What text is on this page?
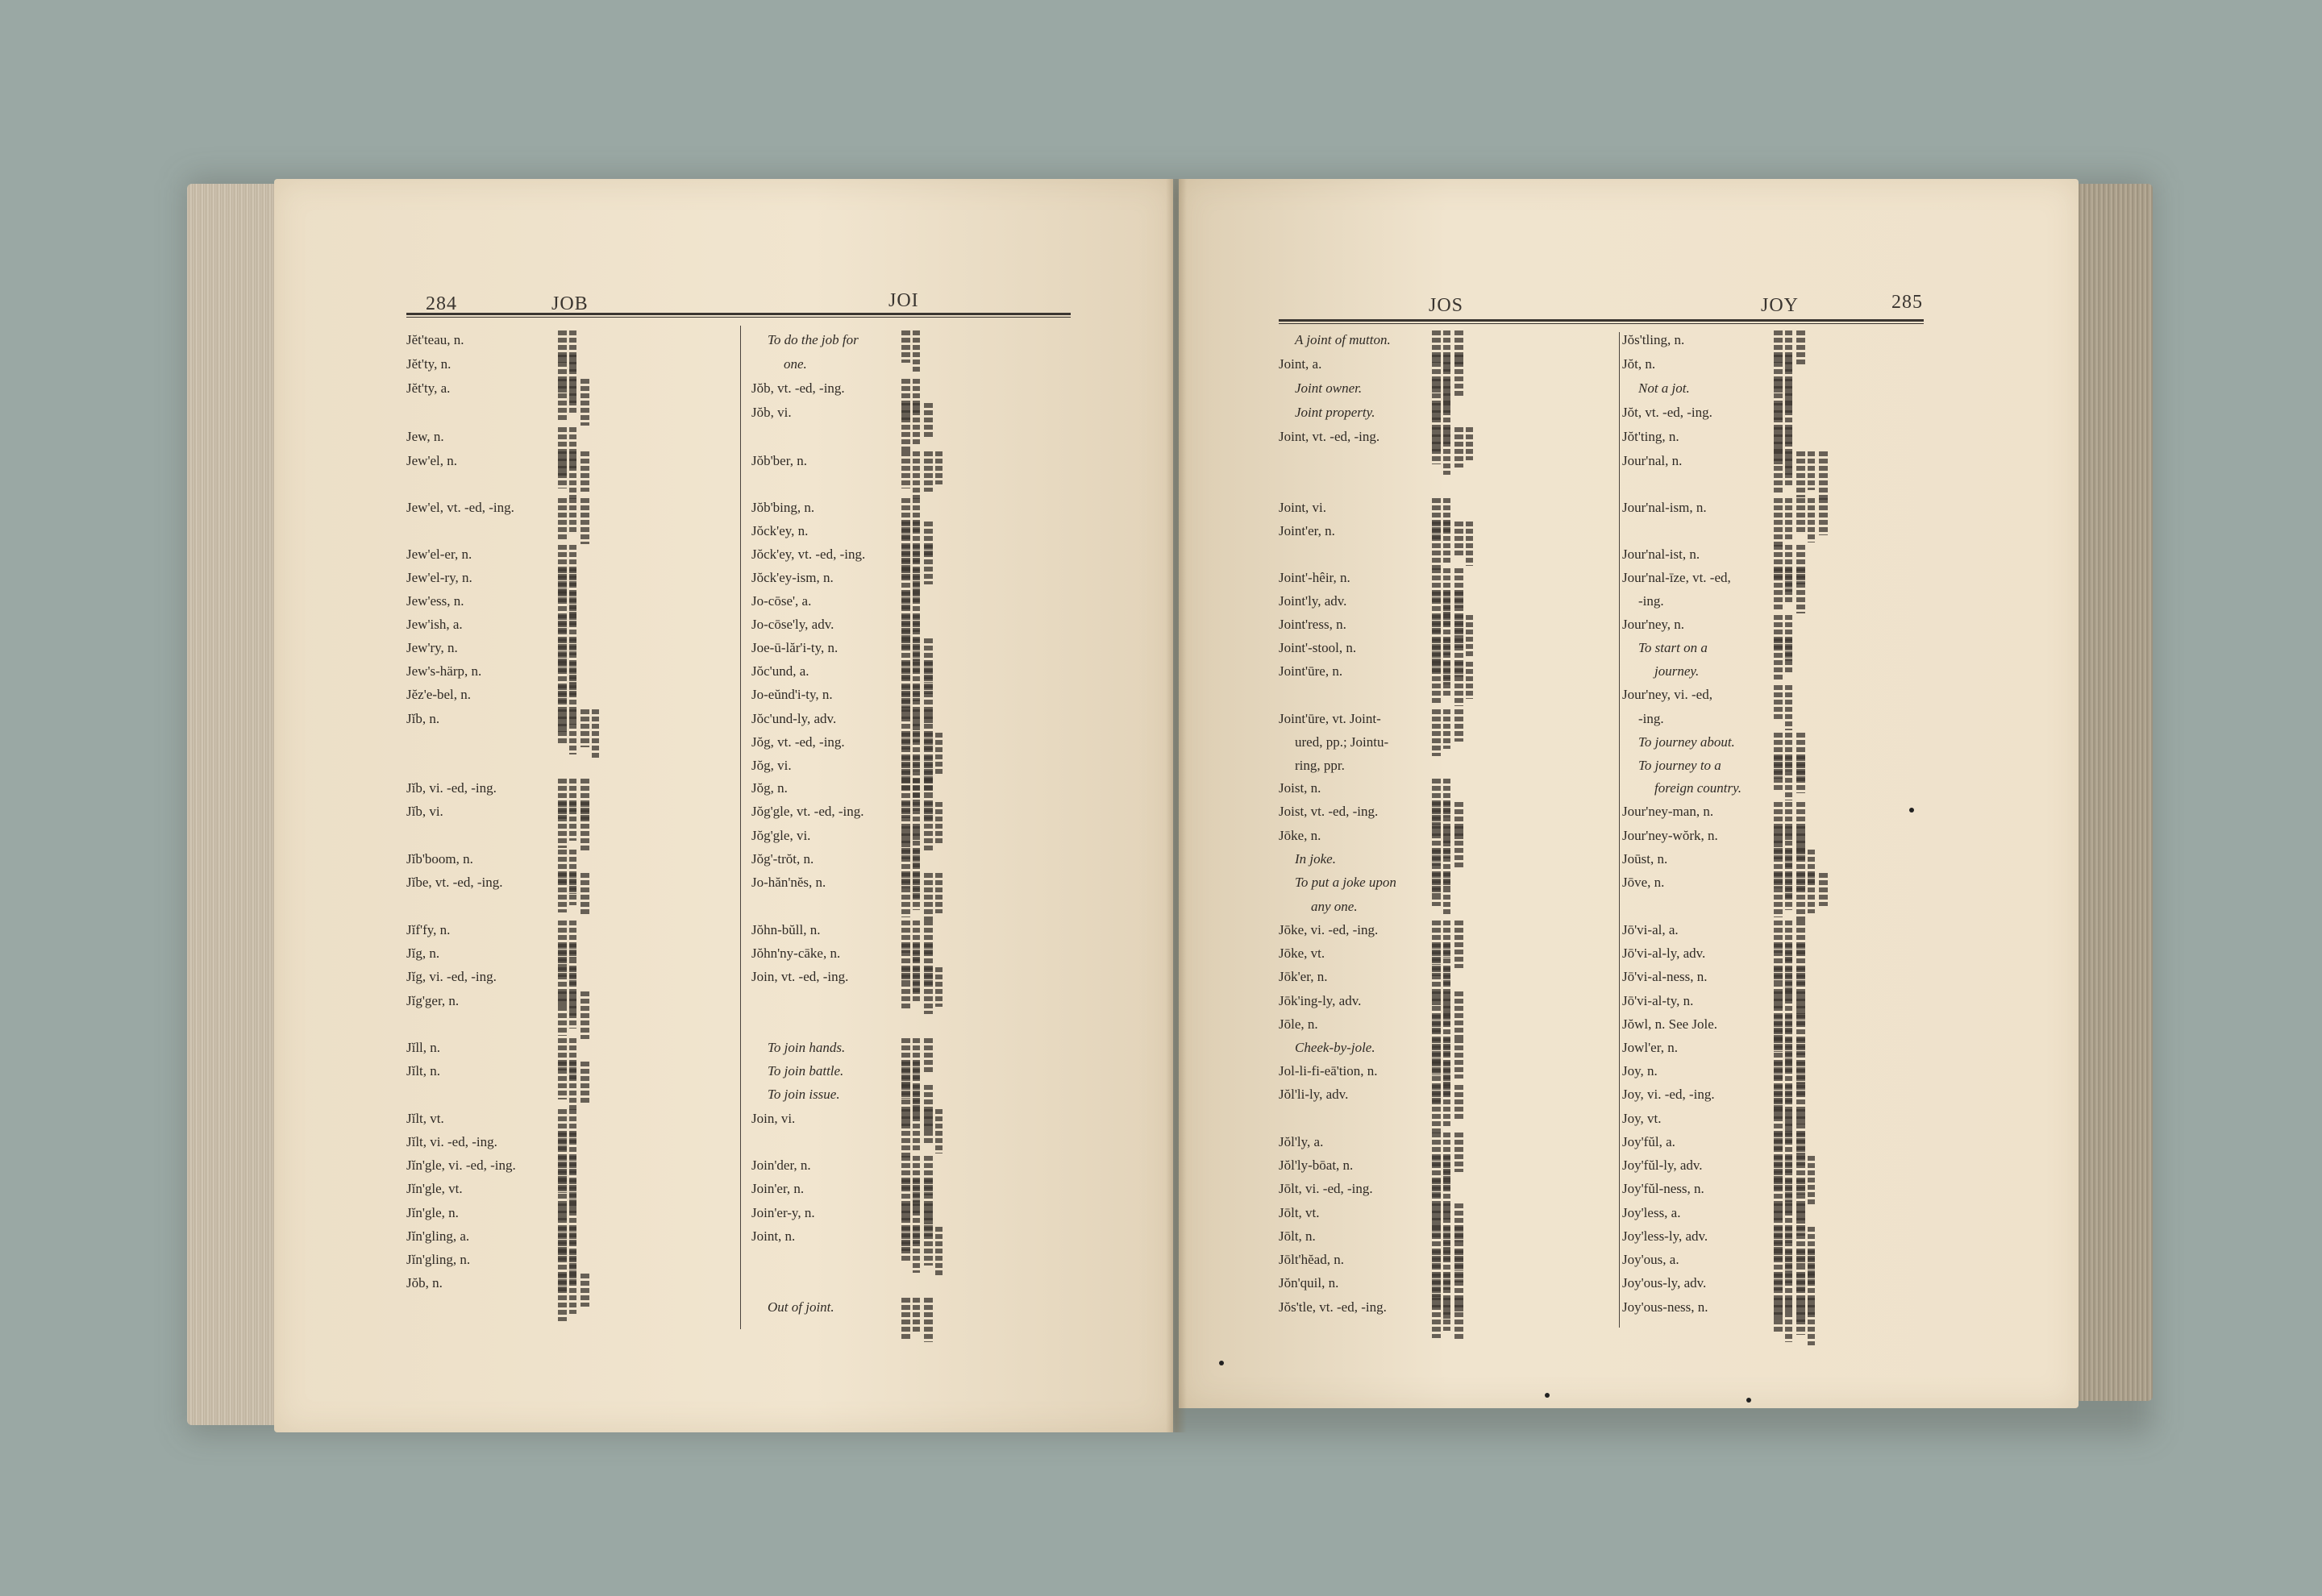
284	JOB	JOI	JOS	JOY	285
Jĕt'teau, n.
Jĕt'ty, n.
Jĕt'ty, a.
Jew, n.
Jew'el, n.
Jew'el, vt. -ed, -ing.
Jew'el-er, n.
Jew'el-ry, n.
Jew'ess, n.
Jew'ish, a.
Jew'ry, n.
Jew's-härp, n.
Jĕz'e-bel, n.
Jĭb, n.
Jĭb, vi. -ed, -ing.
Jĭb, vi.
Jĭb'boom, n.
Jĭbe, vt. -ed, -ing.
Jĭf'fy, n.
Jĭg, n.
Jĭg, vi. -ed, -ing.
Jĭg'ger, n.
Jĭll, n.
Jĭlt, n.
Jĭlt, vt.
Jĭlt, vi. -ed, -ing.
Jĭn'gle, vi. -ed, -ing.
Jĭn'gle, vt.
Jĭn'gle, n.
Jĭn'gling, a.
Jĭn'gling, n.
Jŏb, n.
To do the job for
one.
Jŏb, vt. -ed, -ing.
Jŏb, vi.
Jŏb'ber, n.
Jŏb'bing, n.
Jŏck'ey, n.
Jŏck'ey, vt. -ed, -ing.
Jŏck'ey-ism, n.
Jo-cōse', a.
Jo-cōse'ly, adv.
Joe-ū-lăr'i-ty, n.
Jŏc'und, a.
Jo-eŭnd'i-ty, n.
Jŏc'und-ly, adv.
Jŏg, vt. -ed, -ing.
Jŏg, vi.
Jŏg, n.
Jŏg'gle, vt. -ed, -ing.
Jŏg'gle, vi.
Jŏg'-trŏt, n.
Jo-hăn'nĕs, n.
Jŏhn-bŭll, n.
Jŏhn'ny-cāke, n.
Join, vt. -ed, -ing.
To join hands.
To join battle.
To join issue.
Join, vi.
Join'der, n.
Join'er, n.
Join'er-y, n.
Joint, n.
Out of joint.
A joint of mutton.
Joint, a.
Joint owner.
Joint property.
Joint, vt. -ed, -ing.
Joint, vi.
Joint'er, n.
Joint'-hêir, n.
Joint'ly, adv.
Joint'ress, n.
Joint'-stool, n.
Joint'ūre, n.
Joint'ūre, vt. Joint-
ured, pp.; Jointu-
ring, ppr.
Joist, n.
Joist, vt. -ed, -ing.
Jōke, n.
In joke.
To put a joke upon
any one.
Jōke, vi. -ed, -ing.
Jōke, vt.
Jōk'er, n.
Jōk'ing-ly, adv.
Jōle, n.
Cheek-by-jole.
Jol-li-fi-eā'tion, n.
Jŏl'li-ly, adv.
Jŏl'ly, a.
Jŏl'ly-bōat, n.
Jōlt, vi. -ed, -ing.
Jōlt, vt.
Jōlt, n.
Jōlt'hĕad, n.
Jŏn'quil, n.
Jŏs'tle, vt. -ed, -ing.
Jŏs'tling, n.
Jŏt, n.
Not a jot.
Jŏt, vt. -ed, -ing.
Jŏt'ting, n.
Jour'nal, n.
Jour'nal-ism, n.
Jour'nal-ist, n.
Jour'nal-īze, vt. -ed,
-ing.
Jour'ney, n.
To start on a
journey.
Jour'ney, vi. -ed,
-ing.
To journey about.
To journey to a
foreign country.
Jour'ney-man, n.
Jour'ney-wŏrk, n.
Joūst, n.
Jōve, n.
Jō'vi-al, a.
Jō'vi-al-ly, adv.
Jō'vi-al-ness, n.
Jō'vi-al-ty, n.
Jŏwl, n. See Jole.
Jowl'er, n.
Joy, n.
Joy, vi. -ed, -ing.
Joy, vt.
Joy'fŭl, a.
Joy'fŭl-ly, adv.
Joy'fŭl-ness, n.
Joy'less, a.
Joy'less-ly, adv.
Joy'ous, a.
Joy'ous-ly, adv.
Joy'ous-ness, n.
